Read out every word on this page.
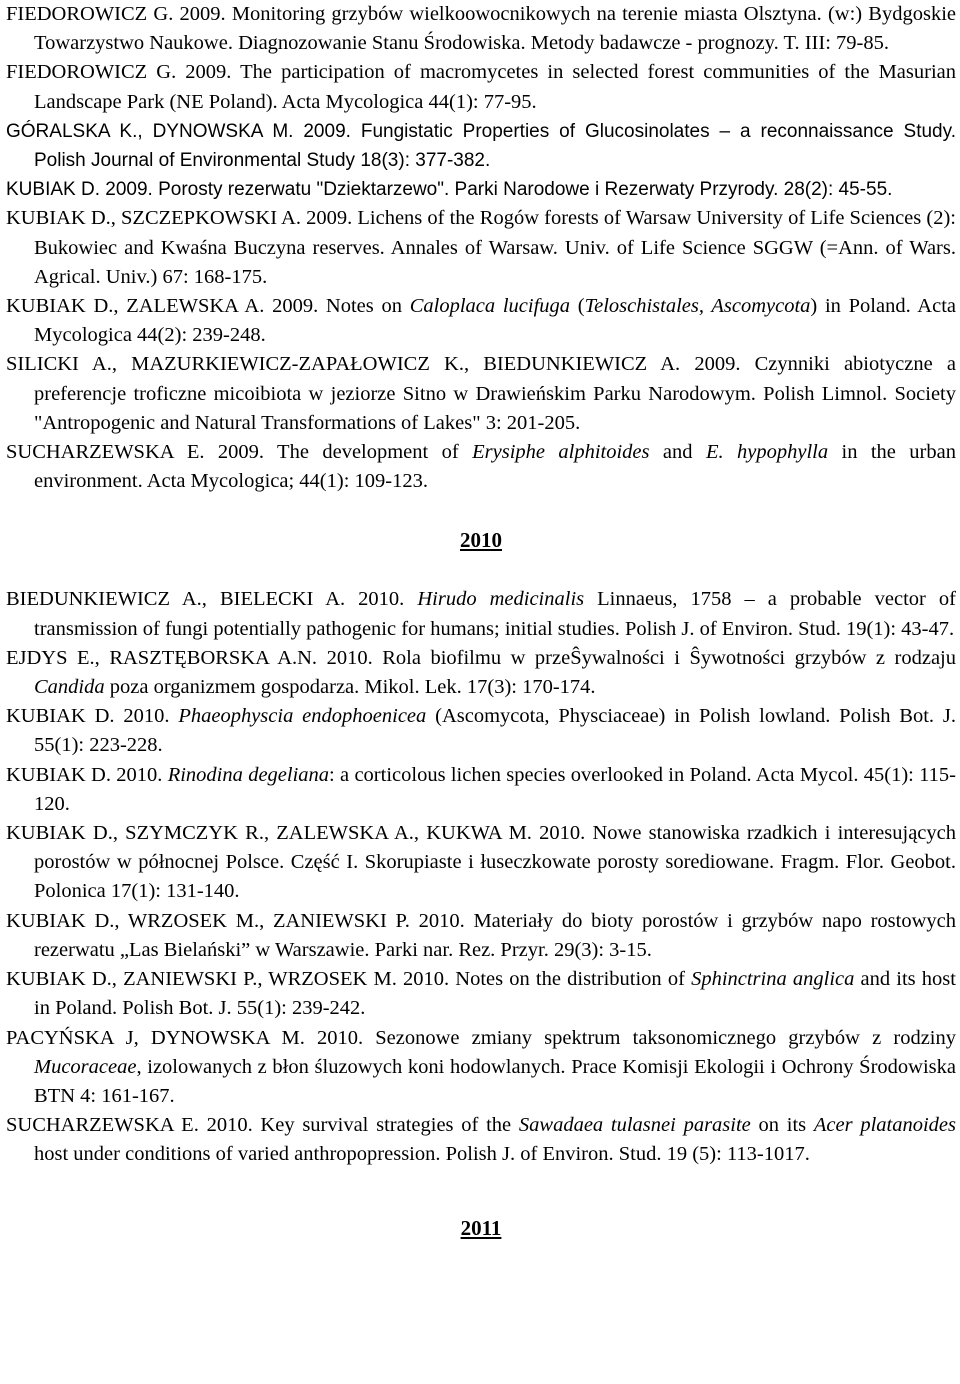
FIEDOROWICZ G. 2009. Monitoring grzybów wielkoowocnikowych na terenie miasta Olsztyna. (w:) Bydgoskie Towarzystwo Naukowe. Diagnozowanie Stanu Środowiska. Metody badawcze - prognozy. T. III: 79-85.

FIEDOROWICZ G. 2009. The participation of macromycetes in selected forest communities of the Masurian Landscape Park (NE Poland). Acta Mycologica 44(1): 77-95.

GÓRALSKA K., DYNOWSKA M. 2009. Fungistatic Properties of Glucosinolates – a reconnaissance Study. Polish Journal of Environmental Study 18(3): 377-382.

KUBIAK D. 2009. Porosty rezerwatu "Dziektarzewo". Parki Narodowe i Rezerwaty Przyrody. 28(2): 45-55.

KUBIAK D., SZCZEPKOWSKI A. 2009. Lichens of the Rogów forests of Warsaw University of Life Sciences (2): Bukowiec and Kwaśna Buczyna reserves. Annales of Warsaw. Univ. of Life Science SGGW (=Ann. of Wars. Agrical. Univ.) 67: 168-175.

KUBIAK D., ZALEWSKA A. 2009. Notes on Caloplaca lucifuga (Teloschistales, Ascomycota) in Poland. Acta Mycologica 44(2): 239-248.

SILICKI A., MAZURKIEWICZ-ZAPAŁOWICZ K., BIEDUNKIEWICZ A. 2009. Czynniki abiotyczne a preferencje troficzne micoibiota w jeziorze Sitno w Drawieńskim Parku Narodowym. Polish Limnol. Society "Antropogenic and Natural Transformations of Lakes" 3: 201-205.

SUCHARZEWSKA E. 2009. The development of Erysiphe alphitoides and E. hypophylla in the urban environment. Acta Mycologica; 44(1): 109-123.

2010

BIEDUNKIEWICZ A., BIELECKI A. 2010. Hirudo medicinalis Linnaeus, 1758 – a probable vector of transmission of fungi potentially pathogenic for humans; initial studies. Polish J. of Environ. Stud. 19(1): 43-47.

EJDYS E., RASZTĘBORSKA A.N. 2010. Rola biofilmu w przeŜywalności i Ŝywotności grzybów z rodzaju Candida poza organizmem gospodarza. Mikol. Lek. 17(3): 170-174.

KUBIAK D. 2010. Phaeophyscia endophoenicea (Ascomycota, Physciaceae) in Polish lowland. Polish Bot. J. 55(1): 223-228.

KUBIAK D. 2010. Rinodina degeliana: a corticolous lichen species overlooked in Poland. Acta Mycol. 45(1): 115-120.

KUBIAK D., SZYMCZYK R., ZALEWSKA A., KUKWA M. 2010. Nowe stanowiska rzadkich i interesujących porostów w północnej Polsce. Część I. Skorupiaste i łuseczkowate porosty sorediowane. Fragm. Flor. Geobot. Polonica 17(1): 131-140.

KUBIAK D., WRZOSEK M., ZANIEWSKI P. 2010. Materiały do bioty porostów i grzybów napo rostowych rezerwatu „Las Bielański” w Warszawie. Parki nar. Rez. Przyr. 29(3): 3-15.

KUBIAK D., ZANIEWSKI P., WRZOSEK M. 2010. Notes on the distribution of Sphinctrina anglica and its host in Poland. Polish Bot. J. 55(1): 239-242.

PACYŃSKA J, DYNOWSKA M. 2010. Sezonowe zmiany spektrum taksonomicznego grzybów z rodziny Mucoraceae, izolowanych z błon śluzowych koni hodowlanych. Prace Komisji Ekologii i Ochrony Środowiska BTN 4: 161-167.

SUCHARZEWSKA E. 2010. Key survival strategies of the Sawadaea tulasnei parasite on its Acer platanoides host under conditions of varied anthropopression. Polish J. of Environ. Stud. 19 (5): 113-1017.

2011
